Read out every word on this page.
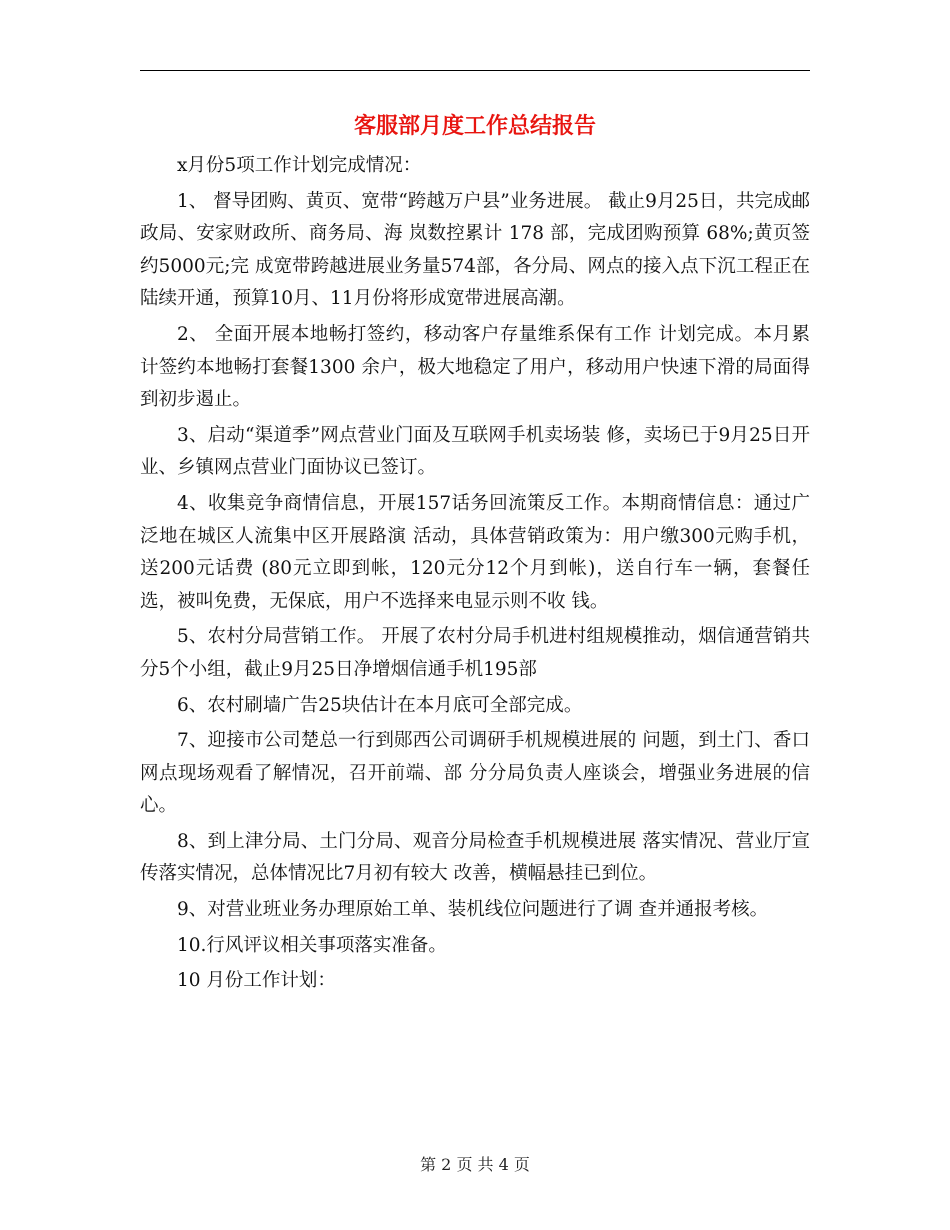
客服部月度工作总结报告

x月份5项工作计划完成情况：

1、 督导团购、黄页、宽带“跨越万户县”业务进展。 截止9月25日，共完成邮政局、安家财政所、商务局、海 岚数控累计 178 部，完成团购预算 68%;黄页签约5000元;完 成宽带跨越进展业务量574部，各分局、网点的接入点下沉工程正在陆续开通，预算10月、11月份将形成宽带进展高潮。

2、 全面开展本地畅打签约，移动客户存量维系保有工作 计划完成。本月累计签约本地畅打套餐1300 余户，极大地稳定了用户，移动用户快速下滑的局面得到初步遏止。

3、启动“渠道季”网点营业门面及互联网手机卖场装 修，卖场已于9月25日开业、乡镇网点营业门面协议已签订。

4、收集竞争商情信息，开展157话务回流策反工作。本期商情信息：通过广泛地在城区人流集中区开展路演 活动，具体营销政策为：用户缴300元购手机，送200元话费 (80元立即到帐，120元分12个月到帐)，送自行车一辆，套餐任选，被叫免费，无保底，用户不选择来电显示则不收 钱。

5、农村分局营销工作。 开展了农村分局手机进村组规模推动，烟信通营销共分5个小组，截止9月25日净增烟信通手机195部

6、农村刷墙广告25块估计在本月底可全部完成。

7、迎接市公司楚总一行到郧西公司调研手机规模进展的 问题，到土门、香口网点现场观看了解情况，召开前端、部 分分局负责人座谈会，增强业务进展的信心。

8、到上津分局、土门分局、观音分局检查手机规模进展 落实情况、营业厅宣传落实情况，总体情况比7月初有较大 改善，横幅悬挂已到位。

9、对营业班业务办理原始工单、装机线位问题进行了调 查并通报考核。

10.行风评议相关事项落实准备。

10 月份工作计划：

第 2 页 共 4 页
